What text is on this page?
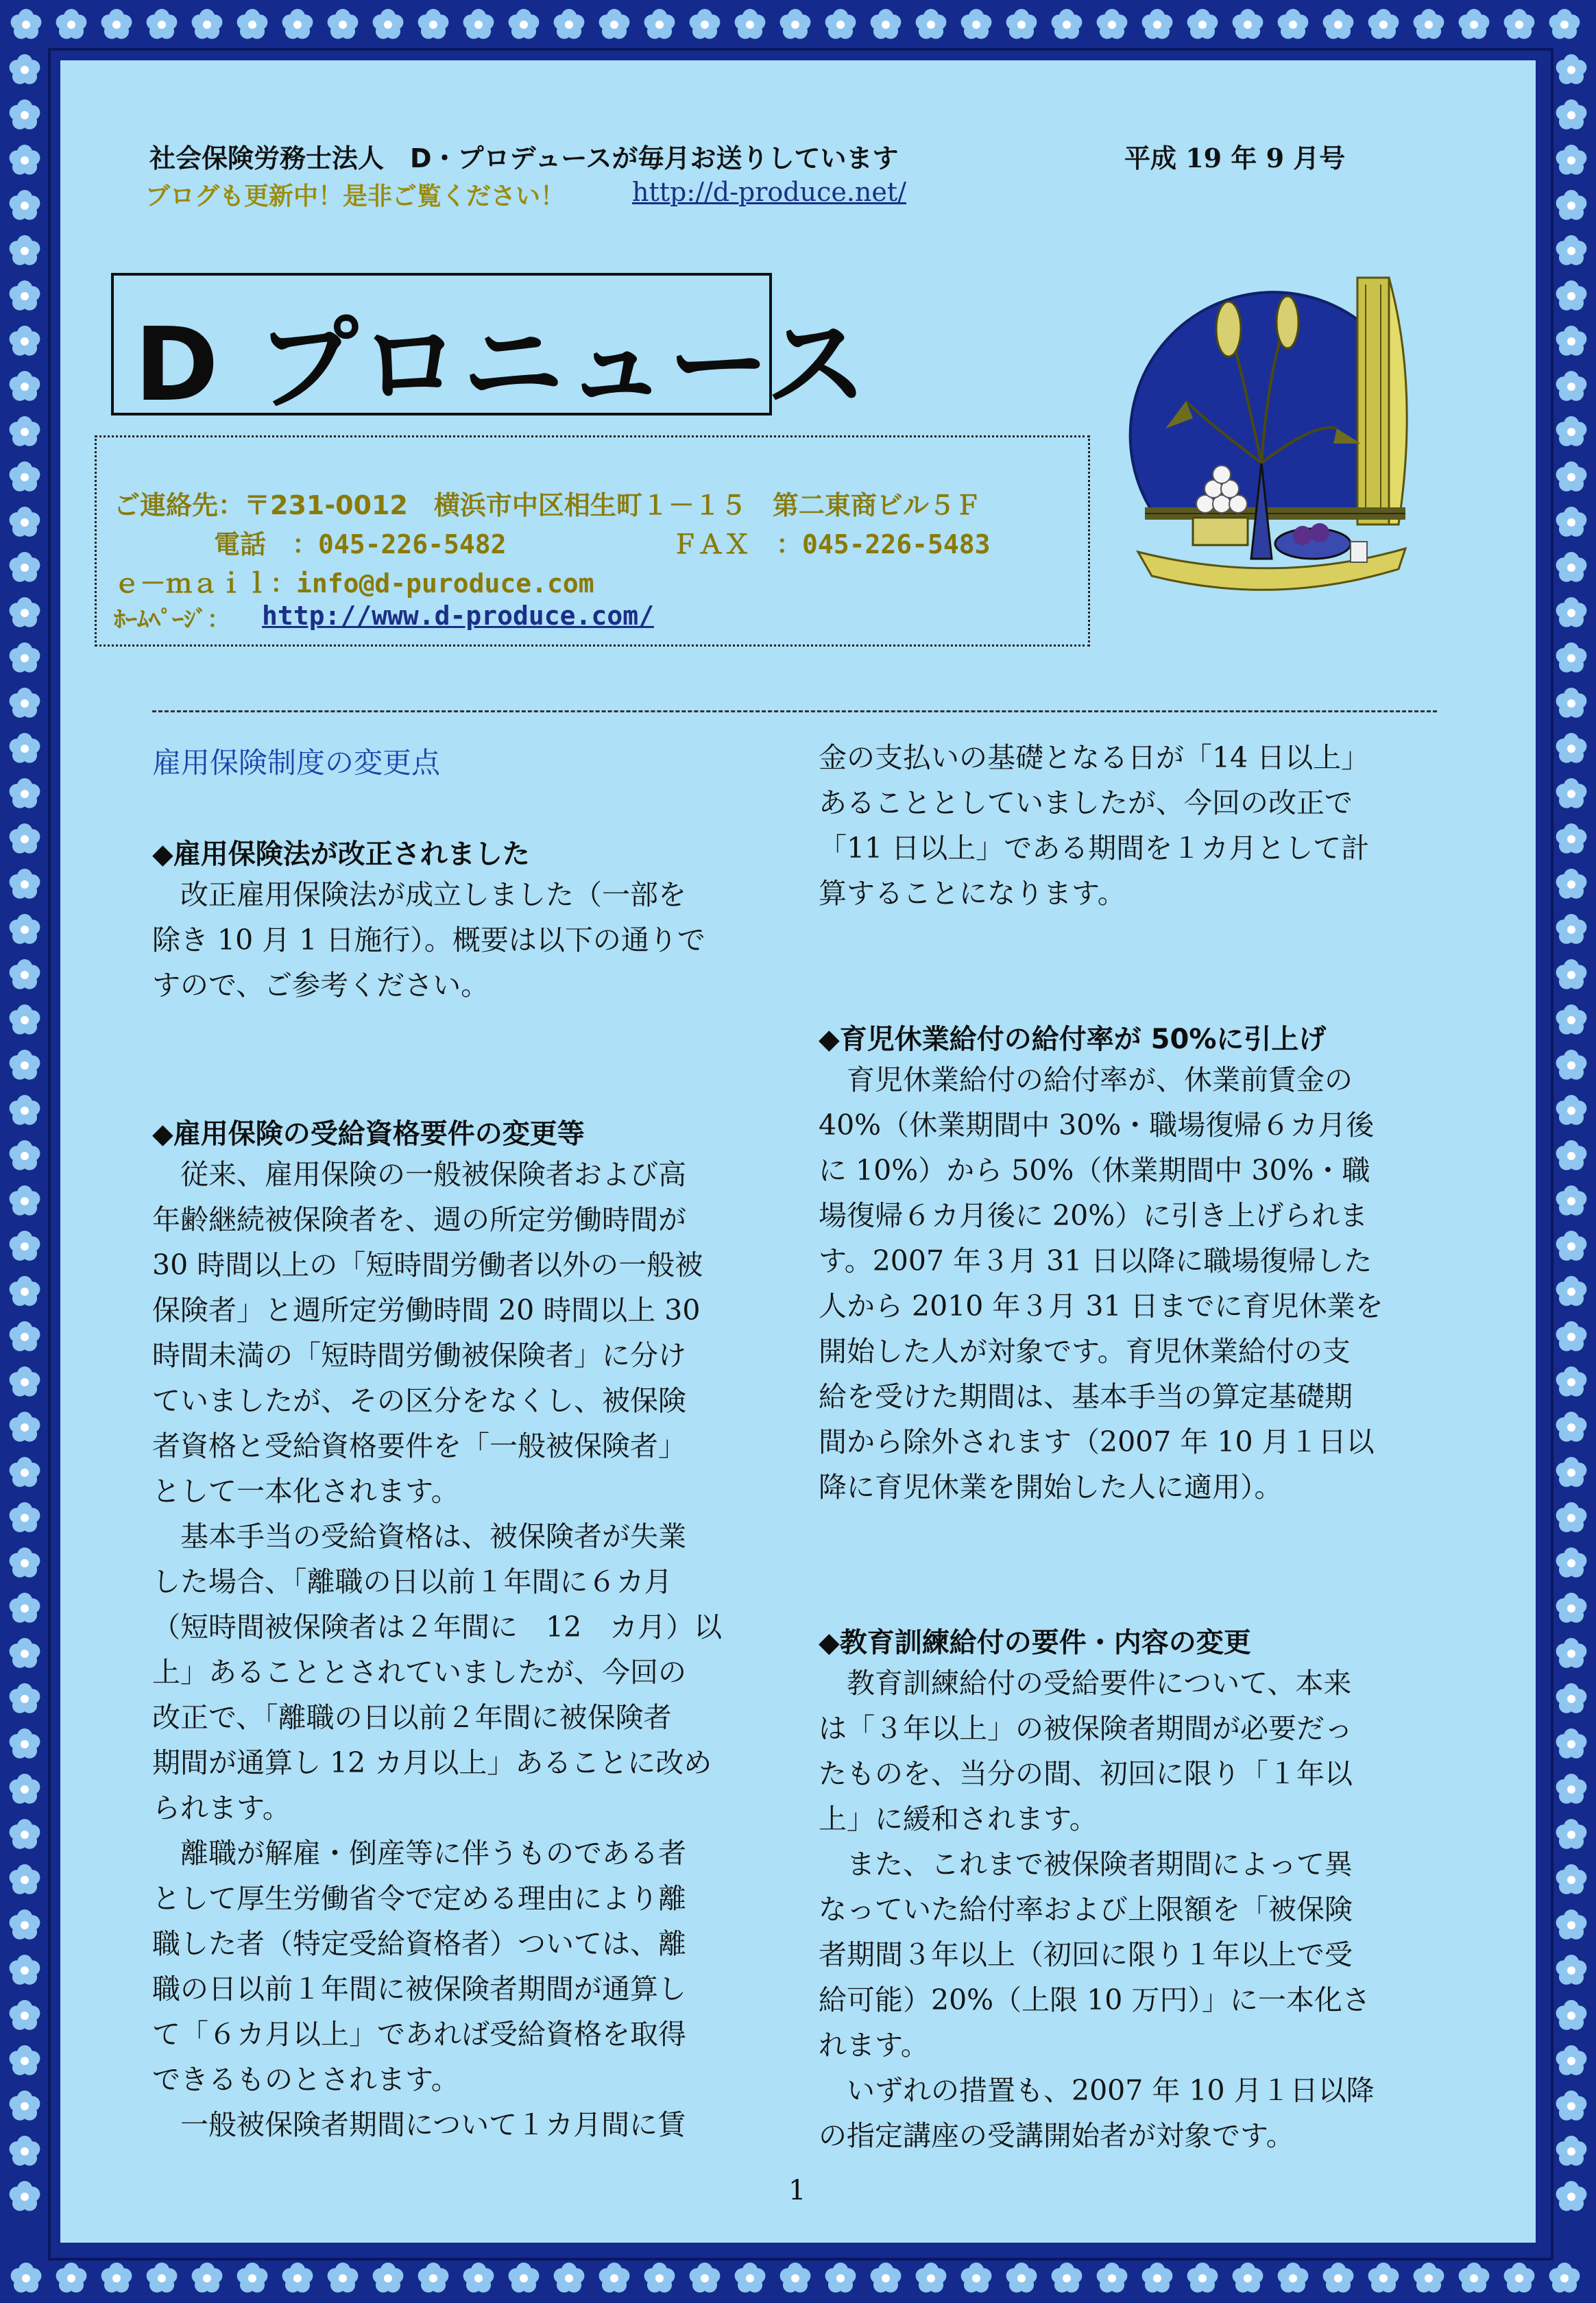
社会保険労務士法人　D・プロデュースが毎月お送りしています	平成 19 年 9 月号
ブログも更新中！是非ご覧ください！	http://d-produce.net/
D プロニュース
ご連絡先：〒231-0012　横浜市中区相生町１－１５　第二東商ビル５Ｆ
電話　：045-226-5482	ＦＡＸ　：045-226-5483
ｅ－ｍａｉｌ：info@d-puroduce.com
ﾎｰﾑﾍﾟｰｼﾞ： http://www.d-produce.com/
雇用保険制度の変更点
◆雇用保険法が改正されました

　改正雇用保険法が成立しました（一部を

除き 10 月 1 日施行）。概要は以下の通りで

すので、ご参考ください。

◆雇用保険の受給資格要件の変更等

　従来、雇用保険の一般被保険者および高

年齢継続被保険者を、週の所定労働時間が

30 時間以上の「短時間労働者以外の一般被

保険者」と週所定労働時間 20 時間以上 30

時間未満の「短時間労働被保険者」に分け

ていましたが、その区分をなくし、被保険

者資格と受給資格要件を「一般被保険者」

として一本化されます。

　基本手当の受給資格は、被保険者が失業

した場合、「離職の日以前１年間に６カ月

（短時間被保険者は２年間に　12　カ月）以

上」あることとされていましたが、今回の

改正で、「離職の日以前２年間に被保険者

期間が通算し 12 カ月以上」あることに改め

られます。

　離職が解雇・倒産等に伴うものである者

として厚生労働省令で定める理由により離

職した者（特定受給資格者）ついては、離

職の日以前１年間に被保険者期間が通算し

て「６カ月以上」であれば受給資格を取得

できるものとされます。

　一般被保険者期間について１カ月間に賃

金の支払いの基礎となる日が「14 日以上」

あることとしていましたが、今回の改正で

「11 日以上」である期間を１カ月として計

算することになります。

◆育児休業給付の給付率が 50%に引上げ

　育児休業給付の給付率が、休業前賃金の

40%（休業期間中 30%・職場復帰６カ月後

に 10%）から 50%（休業期間中 30%・職

場復帰６カ月後に 20%）に引き上げられま

す。2007 年３月 31 日以降に職場復帰した

人から 2010 年３月 31 日までに育児休業を

開始した人が対象です。育児休業給付の支

給を受けた期間は、基本手当の算定基礎期

間から除外されます（2007 年 10 月１日以

降に育児休業を開始した人に適用）。

◆教育訓練給付の要件・内容の変更

　教育訓練給付の受給要件について、本来

は「３年以上」の被保険者期間が必要だっ

たものを、当分の間、初回に限り「１年以

上」に緩和されます。

　また、これまで被保険者期間によって異

なっていた給付率および上限額を「被保険

者期間３年以上（初回に限り１年以上で受

給可能）20%（上限 10 万円）」に一本化さ

れます。

　いずれの措置も、2007 年 10 月１日以降

の指定講座の受講開始者が対象です。

1
